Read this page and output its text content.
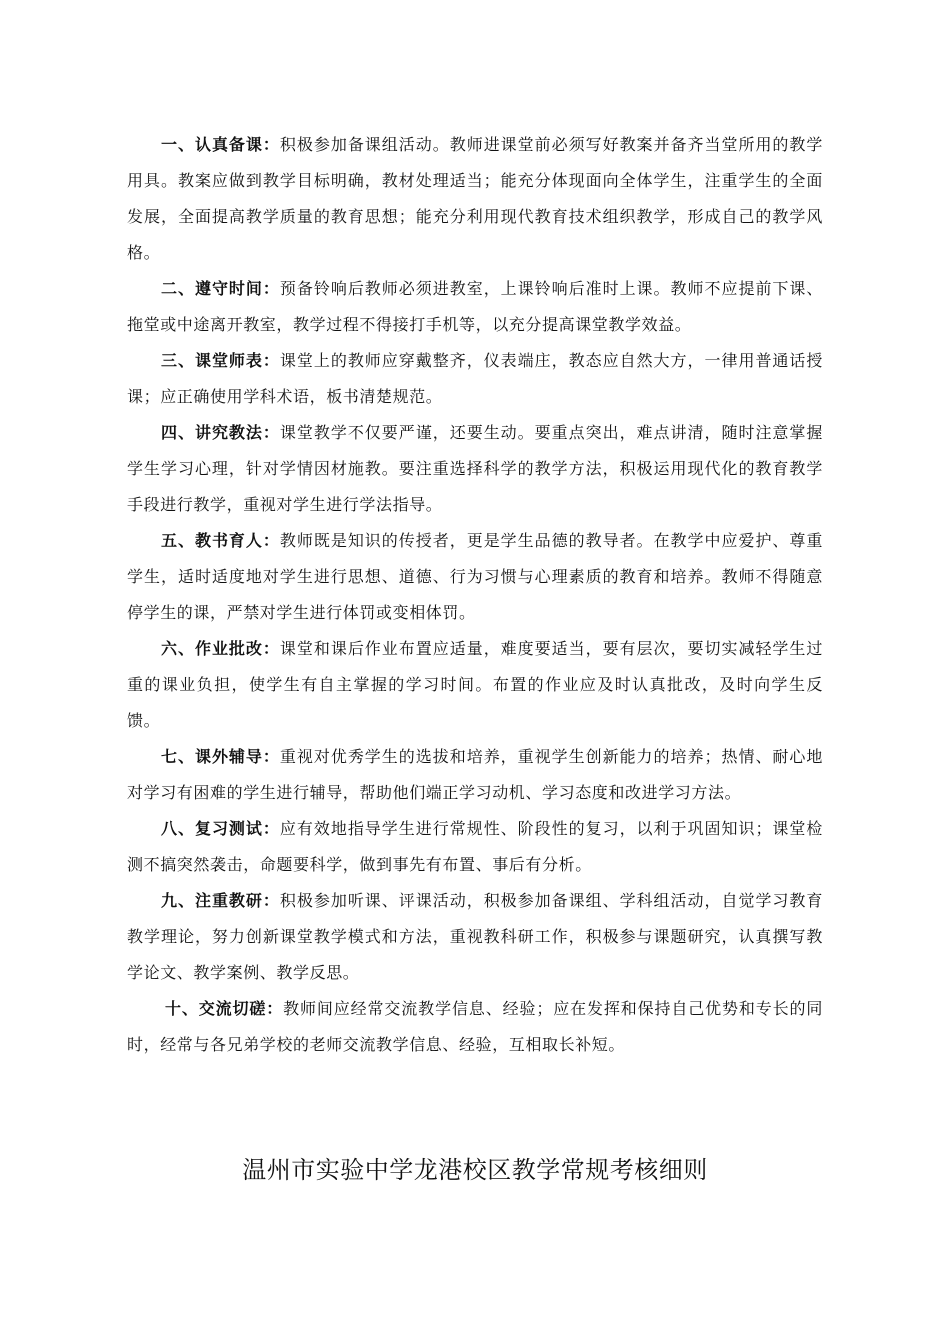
一、认真备课：积极参加备课组活动。教师进课堂前必须写好教案并备齐当堂所用的教学用具。教案应做到教学目标明确，教材处理适当；能充分体现面向全体学生，注重学生的全面发展，全面提高教学质量的教育思想；能充分利用现代教育技术组织教学，形成自己的教学风格。

二、遵守时间：预备铃响后教师必须进教室，上课铃响后准时上课。教师不应提前下课、拖堂或中途离开教室，教学过程不得接打手机等，以充分提高课堂教学效益。

三、课堂师表：课堂上的教师应穿戴整齐，仪表端庄，教态应自然大方，一律用普通话授课；应正确使用学科术语，板书清楚规范。

四、讲究教法：课堂教学不仅要严谨，还要生动。要重点突出，难点讲清，随时注意掌握学生学习心理，针对学情因材施教。要注重选择科学的教学方法，积极运用现代化的教育教学手段进行教学，重视对学生进行学法指导。

五、教书育人：教师既是知识的传授者，更是学生品德的教导者。在教学中应爱护、尊重学生，适时适度地对学生进行思想、道德、行为习惯与心理素质的教育和培养。教师不得随意停学生的课，严禁对学生进行体罚或变相体罚。

六、作业批改：课堂和课后作业布置应适量，难度要适当，要有层次，要切实减轻学生过重的课业负担，使学生有自主掌握的学习时间。布置的作业应及时认真批改，及时向学生反馈。

七、课外辅导：重视对优秀学生的选拔和培养，重视学生创新能力的培养；热情、耐心地对学习有困难的学生进行辅导，帮助他们端正学习动机、学习态度和改进学习方法。

八、复习测试：应有效地指导学生进行常规性、阶段性的复习，以利于巩固知识；课堂检测不搞突然袭击，命题要科学，做到事先有布置、事后有分析。

九、注重教研：积极参加听课、评课活动，积极参加备课组、学科组活动，自觉学习教育教学理论，努力创新课堂教学模式和方法，重视教科研工作，积极参与课题研究，认真撰写教学论文、教学案例、教学反思。

十、交流切磋：教师间应经常交流教学信息、经验；应在发挥和保持自己优势和专长的同时，经常与各兄弟学校的老师交流教学信息、经验，互相取长补短。

温州市实验中学龙港校区教学常规考核细则
